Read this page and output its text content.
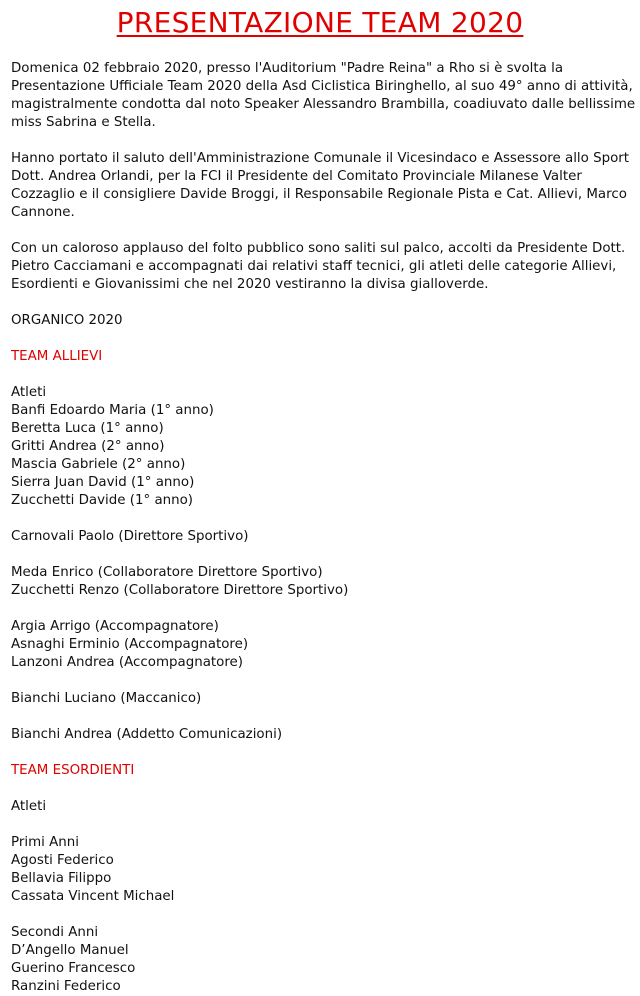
PRESENTAZIONE TEAM 2020

Domenica 02 febbraio 2020, presso l'Auditorium "Padre Reina" a Rho si è svolta la Presentazione Ufficiale Team 2020 della Asd Ciclistica Biringhello, al suo 49° anno di attività, magistralmente condotta dal noto Speaker Alessandro Brambilla, coadiuvato dalle bellissime miss Sabrina e Stella.

Hanno portato il saluto dell'Amministrazione Comunale il Vicesindaco e Assessore allo Sport Dott. Andrea Orlandi, per la FCI il Presidente del Comitato Provinciale Milanese Valter Cozzaglio e il consigliere Davide Broggi, il Responsabile Regionale Pista e Cat. Allievi, Marco Cannone.

Con un caloroso applauso del folto pubblico sono saliti sul palco, accolti da Presidente Dott. Pietro Cacciamani e accompagnati dai relativi staff tecnici, gli atleti delle categorie Allievi, Esordienti e Giovanissimi che nel 2020 vestiranno la divisa gialloverde.

ORGANICO 2020

TEAM ALLIEVI

Atleti

Banfi Edoardo Maria (1° anno)

Beretta Luca (1° anno)

Gritti Andrea (2° anno)

Mascia Gabriele (2° anno)

Sierra Juan David (1° anno)

Zucchetti Davide (1° anno)

Carnovali Paolo (Direttore Sportivo)

Meda Enrico (Collaboratore Direttore Sportivo)

Zucchetti Renzo (Collaboratore Direttore Sportivo)

Argia Arrigo (Accompagnatore)

Asnaghi Erminio (Accompagnatore)

Lanzoni Andrea (Accompagnatore)

Bianchi Luciano (Maccanico)

Bianchi Andrea (Addetto Comunicazioni)

TEAM ESORDIENTI

Atleti

Primi Anni

Agosti Federico

Bellavia Filippo

Cassata Vincent Michael

Secondi Anni

D’Angello Manuel

Guerino Francesco

Ranzini Federico
